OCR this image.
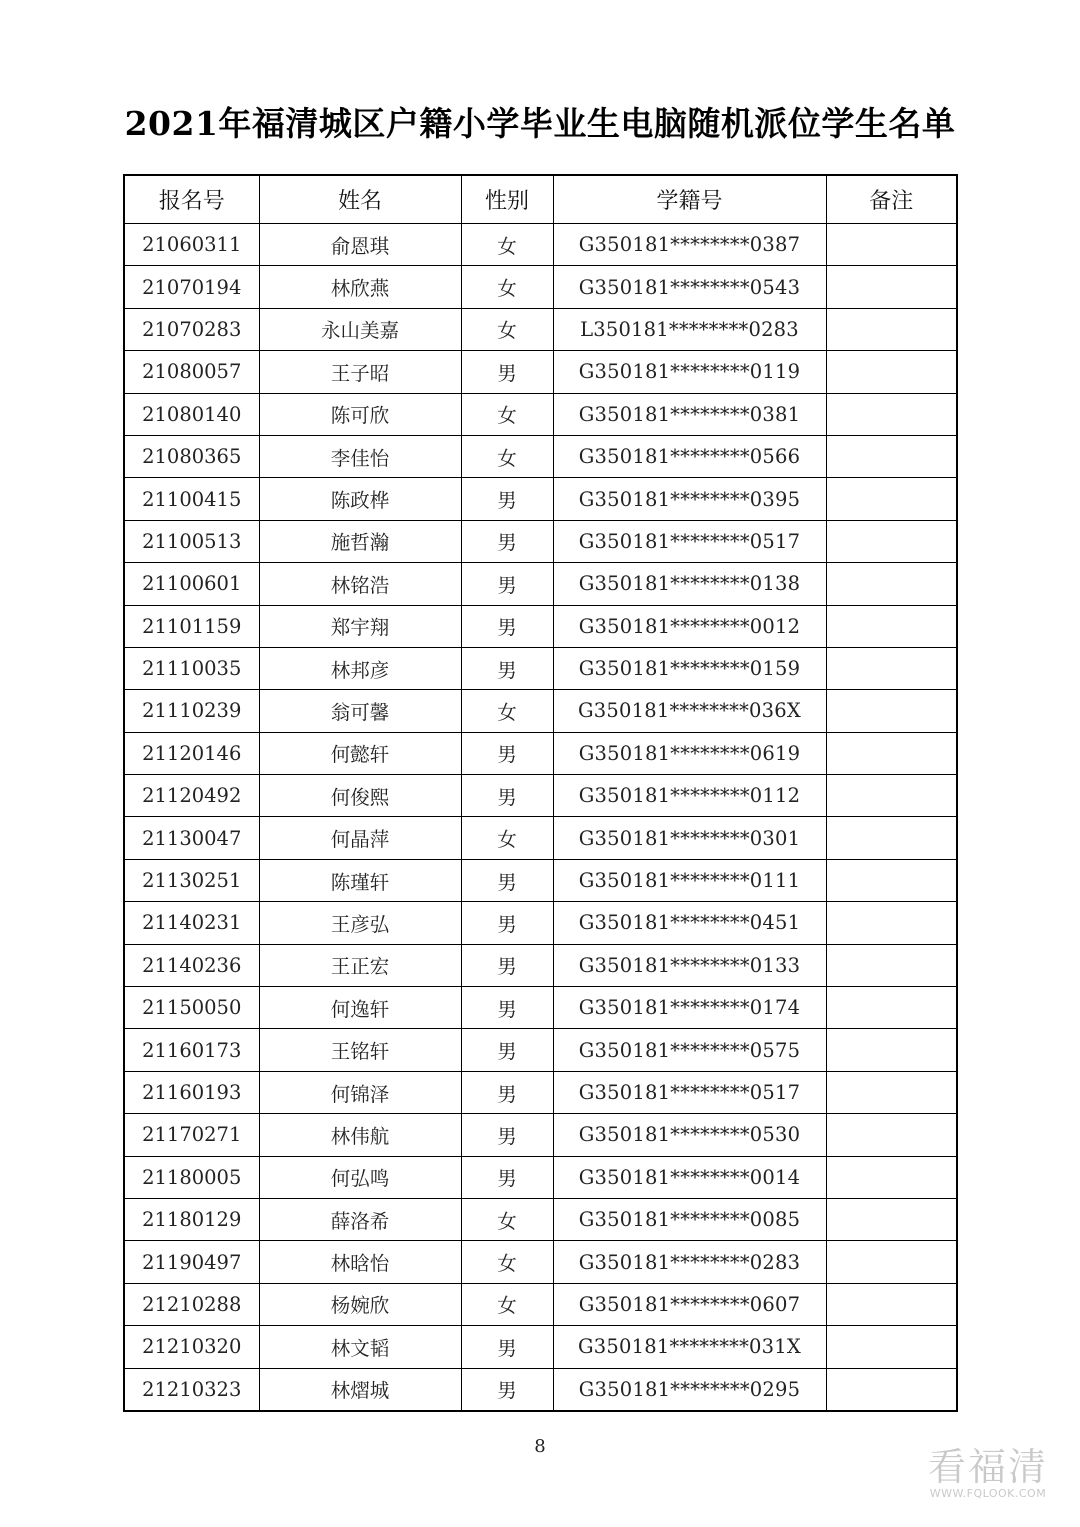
2021年福清城区户籍小学毕业生电脑随机派位学生名单
报名号	姓名	性别	学籍号	备注
21060311	俞恩琪	女	G350181********0387	
21070194	林欣燕	女	G350181********0543	
21070283	永山美嘉	女	L350181********0283	
21080057	王子昭	男	G350181********0119	
21080140	陈可欣	女	G350181********0381	
21080365	李佳怡	女	G350181********0566	
21100415	陈政桦	男	G350181********0395	
21100513	施哲瀚	男	G350181********0517	
21100601	林铭浩	男	G350181********0138	
21101159	郑宇翔	男	G350181********0012	
21110035	林邦彦	男	G350181********0159	
21110239	翁可馨	女	G350181********036X	
21120146	何懿轩	男	G350181********0619	
21120492	何俊熙	男	G350181********0112	
21130047	何晶萍	女	G350181********0301	
21130251	陈瑾轩	男	G350181********0111	
21140231	王彦弘	男	G350181********0451	
21140236	王正宏	男	G350181********0133	
21150050	何逸轩	男	G350181********0174	
21160173	王铭轩	男	G350181********0575	
21160193	何锦泽	男	G350181********0517	
21170271	林伟航	男	G350181********0530	
21180005	何弘鸣	男	G350181********0014	
21180129	薛洛希	女	G350181********0085	
21190497	林晗怡	女	G350181********0283	
21210288	杨婉欣	女	G350181********0607	
21210320	林文韬	男	G350181********031X	
21210323	林熠城	男	G350181********0295	
8	看福清
WWW.FQLOOK.COM
